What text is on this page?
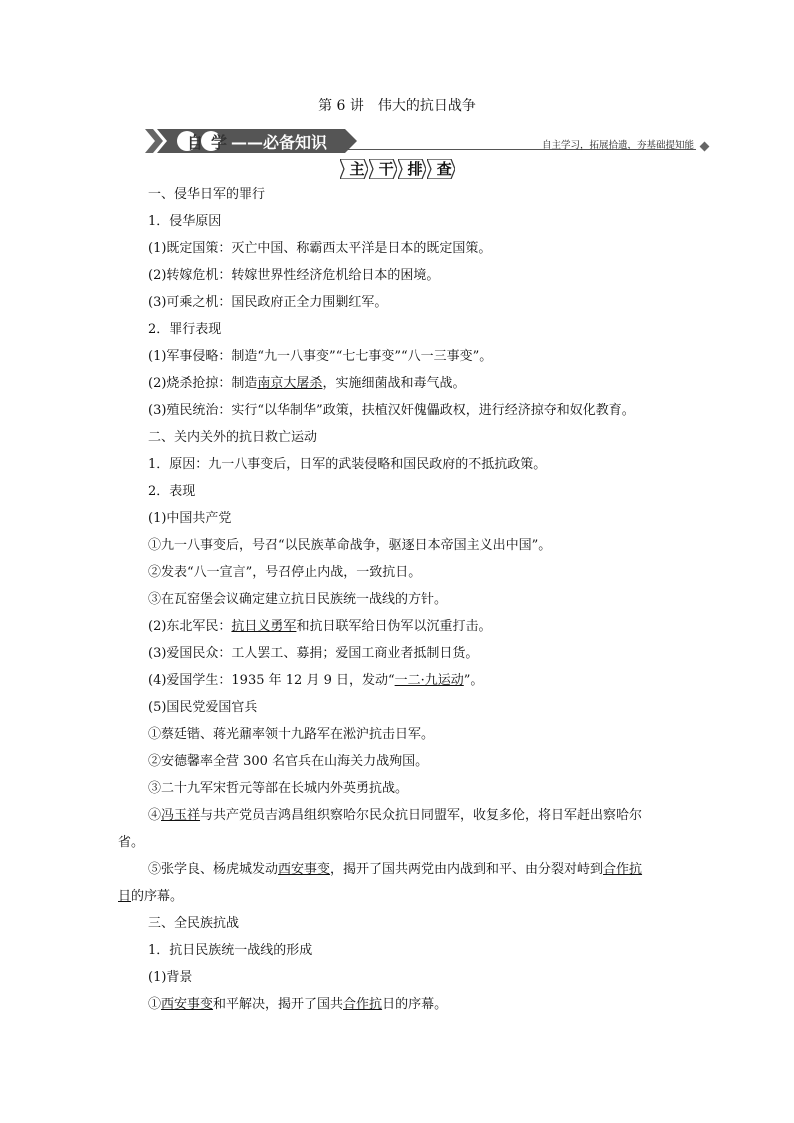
第 6 讲　伟大的抗日战争
自 学 ——必备知识	自主学习，拓展拾遗，夯基础提知能
主
干
排
查
一、侵华日军的罪行
1．侵华原因
(1)既定国策：灭亡中国、称霸西太平洋是日本的既定国策。
(2)转嫁危机：转嫁世界性经济危机给日本的困境。
(3)可乘之机：国民政府正全力围剿红军。
2．罪行表现
(1)军事侵略：制造“九一八事变”“七七事变”“八一三事变”。
(2)烧杀抢掠：制造南京大屠杀，实施细菌战和毒气战。
(3)殖民统治：实行“以华制华”政策，扶植汉奸傀儡政权，进行经济掠夺和奴化教育。
二、关内关外的抗日救亡运动
1．原因：九一八事变后，日军的武装侵略和国民政府的不抵抗政策。
2．表现
(1)中国共产党
①九一八事变后，号召“以民族革命战争，驱逐日本帝国主义出中国”。
②发表“八一宣言”，号召停止内战，一致抗日。
③在瓦窑堡会议确定建立抗日民族统一战线的方针。
(2)东北军民：抗日义勇军和抗日联军给日伪军以沉重打击。
(3)爱国民众：工人罢工、募捐；爱国工商业者抵制日货。
(4)爱国学生：1935 年 12 月 9 日，发动“一二·九运动”。
(5)国民党爱国官兵
①蔡廷锴、蒋光鼐率领十九路军在淞沪抗击日军。
②安德馨率全营 300 名官兵在山海关力战殉国。
③二十九军宋哲元等部在长城内外英勇抗战。
④冯玉祥与共产党员吉鸿昌组织察哈尔民众抗日同盟军，收复多伦，将日军赶出察哈尔
省。
⑤张学良、杨虎城发动西安事变，揭开了国共两党由内战到和平、由分裂对峙到合作抗
日的序幕。
三、全民族抗战
1．抗日民族统一战线的形成
(1)背景
①西安事变和平解决，揭开了国共合作抗日的序幕。
